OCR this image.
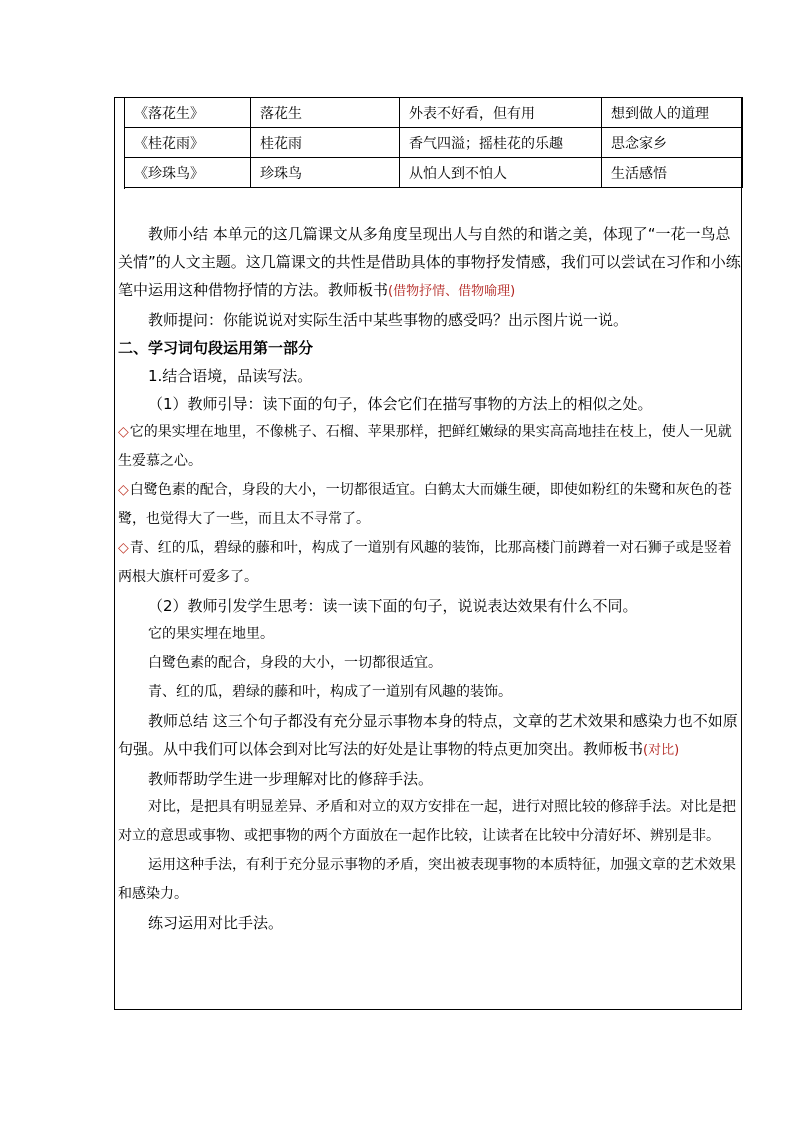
《落花生》	落花生	外表不好看，但有用	想到做人的道理
《桂花雨》	桂花雨	香气四溢；摇桂花的乐趣	思念家乡
《珍珠鸟》	珍珠鸟	从怕人到不怕人	生活感悟

教师小结 本单元的这几篇课文从多角度呈现出人与自然的和谐之美，体现了“一花一鸟总关情”的人文主题。这几篇课文的共性是借助具体的事物抒发情感，我们可以尝试在习作和小练笔中运用这种借物抒情的方法。教师板书(借物抒情、借物喻理)

教师提问：你能说说对实际生活中某些事物的感受吗？出示图片说一说。

二、学习词句段运用第一部分

1.结合语境，品读写法。

（1）教师引导：读下面的句子，体会它们在描写事物的方法上的相似之处。

◇它的果实埋在地里，不像桃子、石榴、苹果那样，把鲜红嫩绿的果实高高地挂在枝上，使人一见就生爱慕之心。

◇白鹭色素的配合，身段的大小，一切都很适宜。白鹤太大而嫌生硬，即使如粉红的朱鹭和灰色的苍鹭，也觉得大了一些，而且太不寻常了。

◇青、红的瓜，碧绿的藤和叶，构成了一道别有风趣的装饰，比那高楼门前蹲着一对石狮子或是竖着两根大旗杆可爱多了。

（2）教师引发学生思考：读一读下面的句子，说说表达效果有什么不同。

它的果实埋在地里。

白鹭色素的配合，身段的大小，一切都很适宜。

青、红的瓜，碧绿的藤和叶，构成了一道别有风趣的装饰。

教师总结 这三个句子都没有充分显示事物本身的特点，文章的艺术效果和感染力也不如原句强。从中我们可以体会到对比写法的好处是让事物的特点更加突出。教师板书(对比)

教师帮助学生进一步理解对比的修辞手法。

对比，是把具有明显差异、矛盾和对立的双方安排在一起，进行对照比较的修辞手法。对比是把对立的意思或事物、或把事物的两个方面放在一起作比较，让读者在比较中分清好坏、辨别是非。

运用这种手法，有利于充分显示事物的矛盾，突出被表现事物的本质特征，加强文章的艺术效果和感染力。

练习运用对比手法。
